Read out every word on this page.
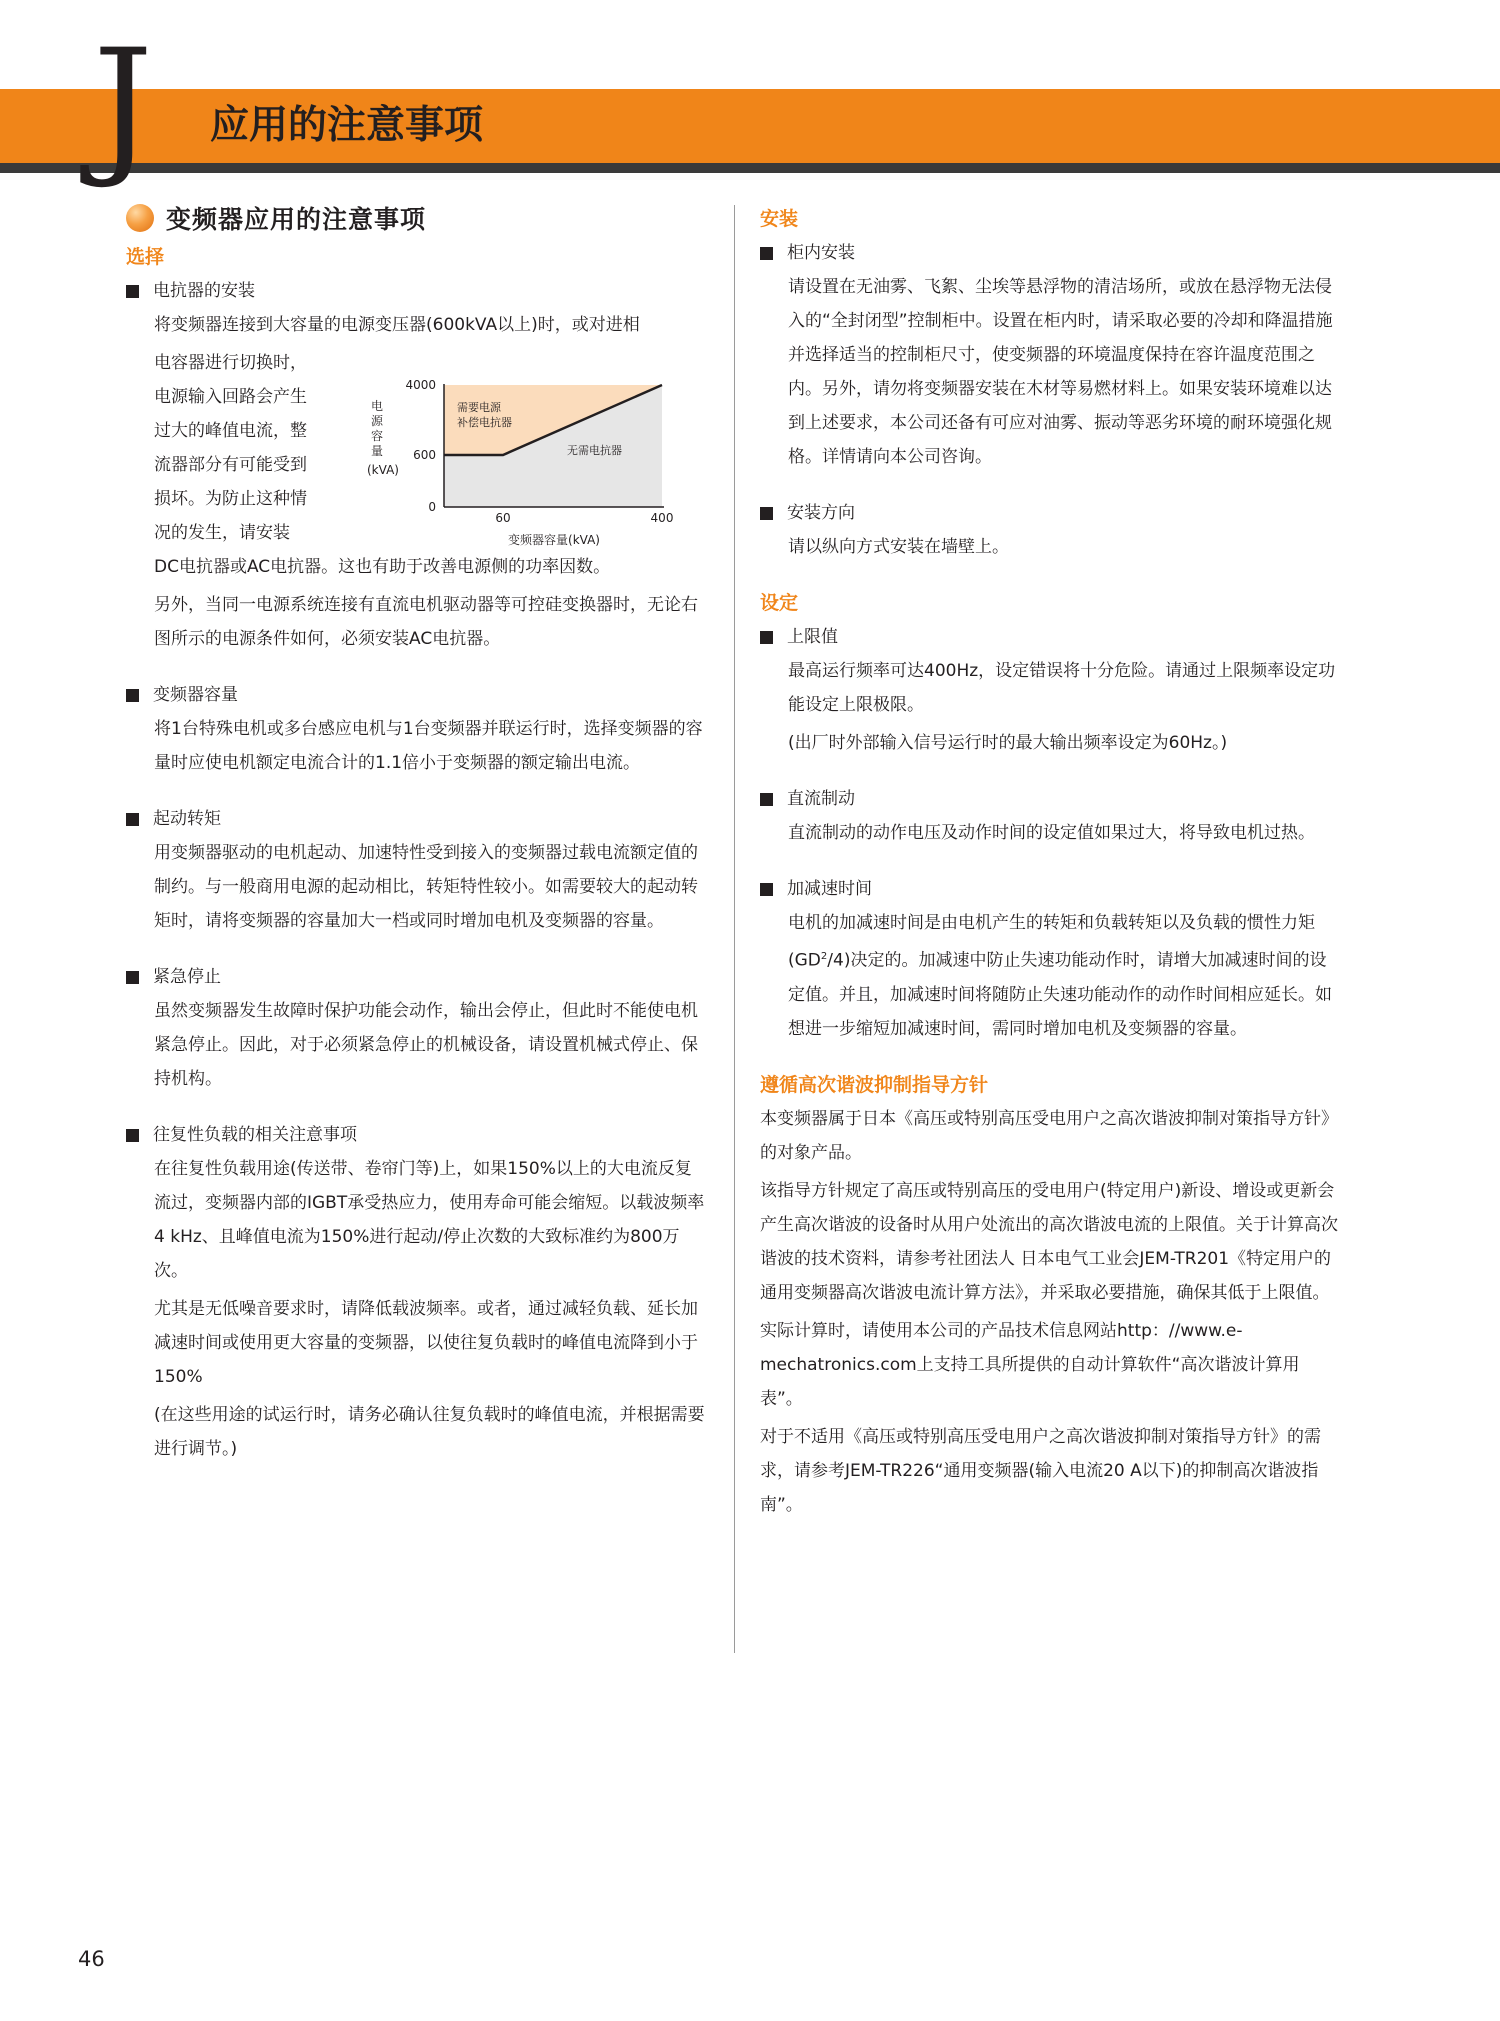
J	应用的注意事项
变频器应用的注意事项
选择
电抗器的安装

将变频器连接到大容量的电源变压器(600kVA以上)时，或对进相

电容器进行切换时，
电源输入回路会产生
过大的峰值电流，整
流器部分有可能受到
损坏。为防止这种情
况的发生，请安装

DC电抗器或AC电抗器。这也有助于改善电源侧的功率因数。

另外，当同一电源系统连接有直流电机驱动器等可控硅变换器时，无论右图所示的电源条件如何，必须安装AC电抗器。

电
源
容
量
(kVA)
4000
600
0
60	400
变频器容量(kVA)
需要电源
补偿电抗器
无需电抗器
变频器容量

将1台特殊电机或多台感应电机与1台变频器并联运行时，选择变频器的容量时应使电机额定电流合计的1.1倍小于变频器的额定输出电流。

起动转矩

用变频器驱动的电机起动、加速特性受到接入的变频器过载电流额定值的制约。与一般商用电源的起动相比，转矩特性较小。如需要较大的起动转矩时，请将变频器的容量加大一档或同时增加电机及变频器的容量。

紧急停止

虽然变频器发生故障时保护功能会动作，输出会停止，但此时不能使电机紧急停止。因此，对于必须紧急停止的机械设备，请设置机械式停止、保持机构。

往复性负载的相关注意事项

在往复性负载用途(传送带、卷帘门等)上，如果150%以上的大电流反复流过，变频器内部的IGBT承受热应力，使用寿命可能会缩短。以载波频率4 kHz、且峰值电流为150%进行起动/停止次数的大致标准约为800万次。

尤其是无低噪音要求时，请降低载波频率。或者，通过减轻负载、延长加减速时间或使用更大容量的变频器，以使往复负载时的峰值电流降到小于150%

(在这些用途的试运行时，请务必确认往复负载时的峰值电流，并根据需要进行调节。)

安装
柜内安装

请设置在无油雾、飞絮、尘埃等悬浮物的清洁场所，或放在悬浮物无法侵入的“全封闭型”控制柜中。设置在柜内时，请采取必要的冷却和降温措施并选择适当的控制柜尺寸，使变频器的环境温度保持在容许温度范围之内。另外，请勿将变频器安装在木材等易燃材料上。如果安装环境难以达到上述要求，本公司还备有可应对油雾、振动等恶劣环境的耐环境强化规格。详情请向本公司咨询。

安装方向

请以纵向方式安装在墙壁上。

设定
上限值

最高运行频率可达400Hz，设定错误将十分危险。请通过上限频率设定功能设定上限极限。

(出厂时外部输入信号运行时的最大输出频率设定为60Hz。)

直流制动

直流制动的动作电压及动作时间的设定值如果过大，将导致电机过热。

加减速时间

电机的加减速时间是由电机产生的转矩和负载转矩以及负载的惯性力矩$(GD^2/4)$决定的。加减速中防止失速功能动作时，请增大加减速时间的设定值。并且，加减速时间将随防止失速功能动作的动作时间相应延长。如想进一步缩短加减速时间，需同时增加电机及变频器的容量。

遵循高次谐波抑制指导方针

本变频器属于日本《高压或特别高压受电用户之高次谐波抑制对策指导方针》的对象产品。

该指导方针规定了高压或特别高压的受电用户(特定用户)新设、增设或更新会产生高次谐波的设备时从用户处流出的高次谐波电流的上限值。关于计算高次谐波的技术资料，请参考社团法人 日本电气工业会JEM-TR201《特定用户的通用变频器高次谐波电流计算方法》，并采取必要措施，确保其低于上限值。

实际计算时，请使用本公司的产品技术信息网站http：//www.e-mechatronics.com上支持工具所提供的自动计算软件“高次谐波计算用表”。

对于不适用《高压或特别高压受电用户之高次谐波抑制对策指导方针》的需求，请参考JEM-TR226“通用变频器(输入电流20 A以下)的抑制高次谐波指南”。

46
